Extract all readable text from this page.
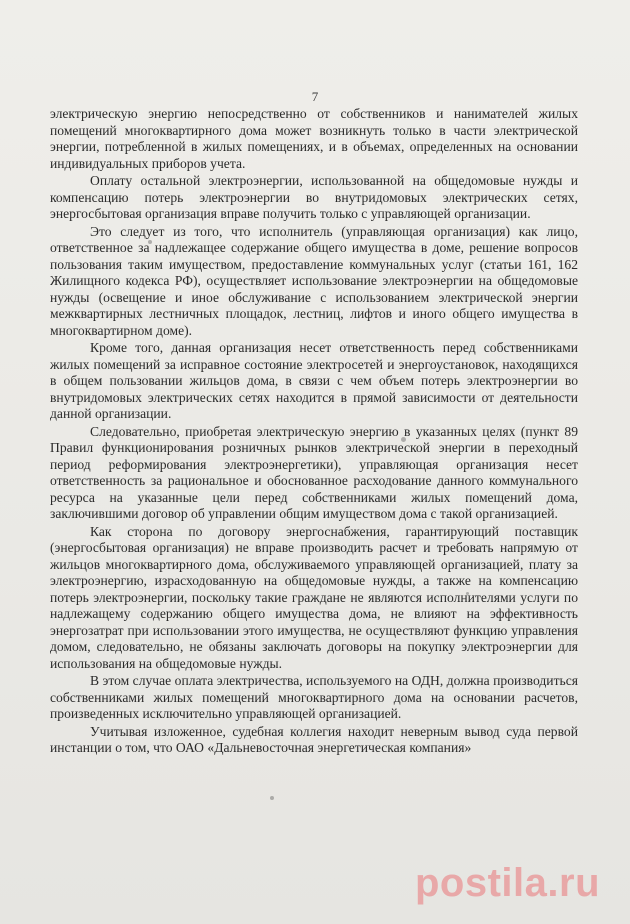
7

электрическую энергию непосредственно от собственников и нанимателей жилых помещений многоквартирного дома может возникнуть только в части электрической энергии, потребленной в жилых помещениях, и в объемах, определенных на основании индивидуальных приборов учета.

Оплату остальной электроэнергии, использованной на общедомовые нужды и компенсацию потерь электроэнергии во внутридомовых электрических сетях, энергосбытовая организация вправе получить только с управляющей организации.

Это следует из того, что исполнитель (управляющая организация) как лицо, ответственное за надлежащее содержание общего имущества в доме, решение вопросов пользования таким имуществом, предоставление коммунальных услуг (статьи 161, 162 Жилищного кодекса РФ), осуществляет использование электроэнергии на общедомовые нужды (освещение и иное обслуживание с использованием электрической энергии межквартирных лестничных площадок, лестниц, лифтов и иного общего имущества в многоквартирном доме).

Кроме того, данная организация несет ответственность перед собственниками жилых помещений за исправное состояние электросетей и энергоустановок, находящихся в общем пользовании жильцов дома, в связи с чем объем потерь электроэнергии во внутридомовых электрических сетях находится в прямой зависимости от деятельности данной организации.

Следовательно, приобретая электрическую энергию в указанных целях (пункт 89 Правил функционирования розничных рынков электрической энергии в переходный период реформирования электроэнергетики), управляющая организация несет ответственность за рациональное и обоснованное расходование данного коммунального ресурса на указанные цели перед собственниками жилых помещений дома, заключившими договор об управлении общим имуществом дома с такой организацией.

Как сторона по договору энергоснабжения, гарантирующий поставщик (энергосбытовая организация) не вправе производить расчет и требовать напрямую от жильцов многоквартирного дома, обслуживаемого управляющей организацией, плату за электроэнергию, израсходованную на общедомовые нужды, а также на компенсацию потерь электроэнергии, поскольку такие граждане не являются исполнителями услуги по надлежащему содержанию общего имущества дома, не влияют на эффективность энергозатрат при использовании этого имущества, не осуществляют функцию управления домом, следовательно, не обязаны заключать договоры на покупку электроэнергии для использования на общедомовые нужды.

В этом случае оплата электричества, используемого на ОДН, должна производиться собственниками жилых помещений многоквартирного дома на основании расчетов, произведенных исключительно управляющей организацией.

Учитывая изложенное, судебная коллегия находит неверным вывод суда первой инстанции о том, что ОАО «Дальневосточная энергетическая компания»

postila.ru
